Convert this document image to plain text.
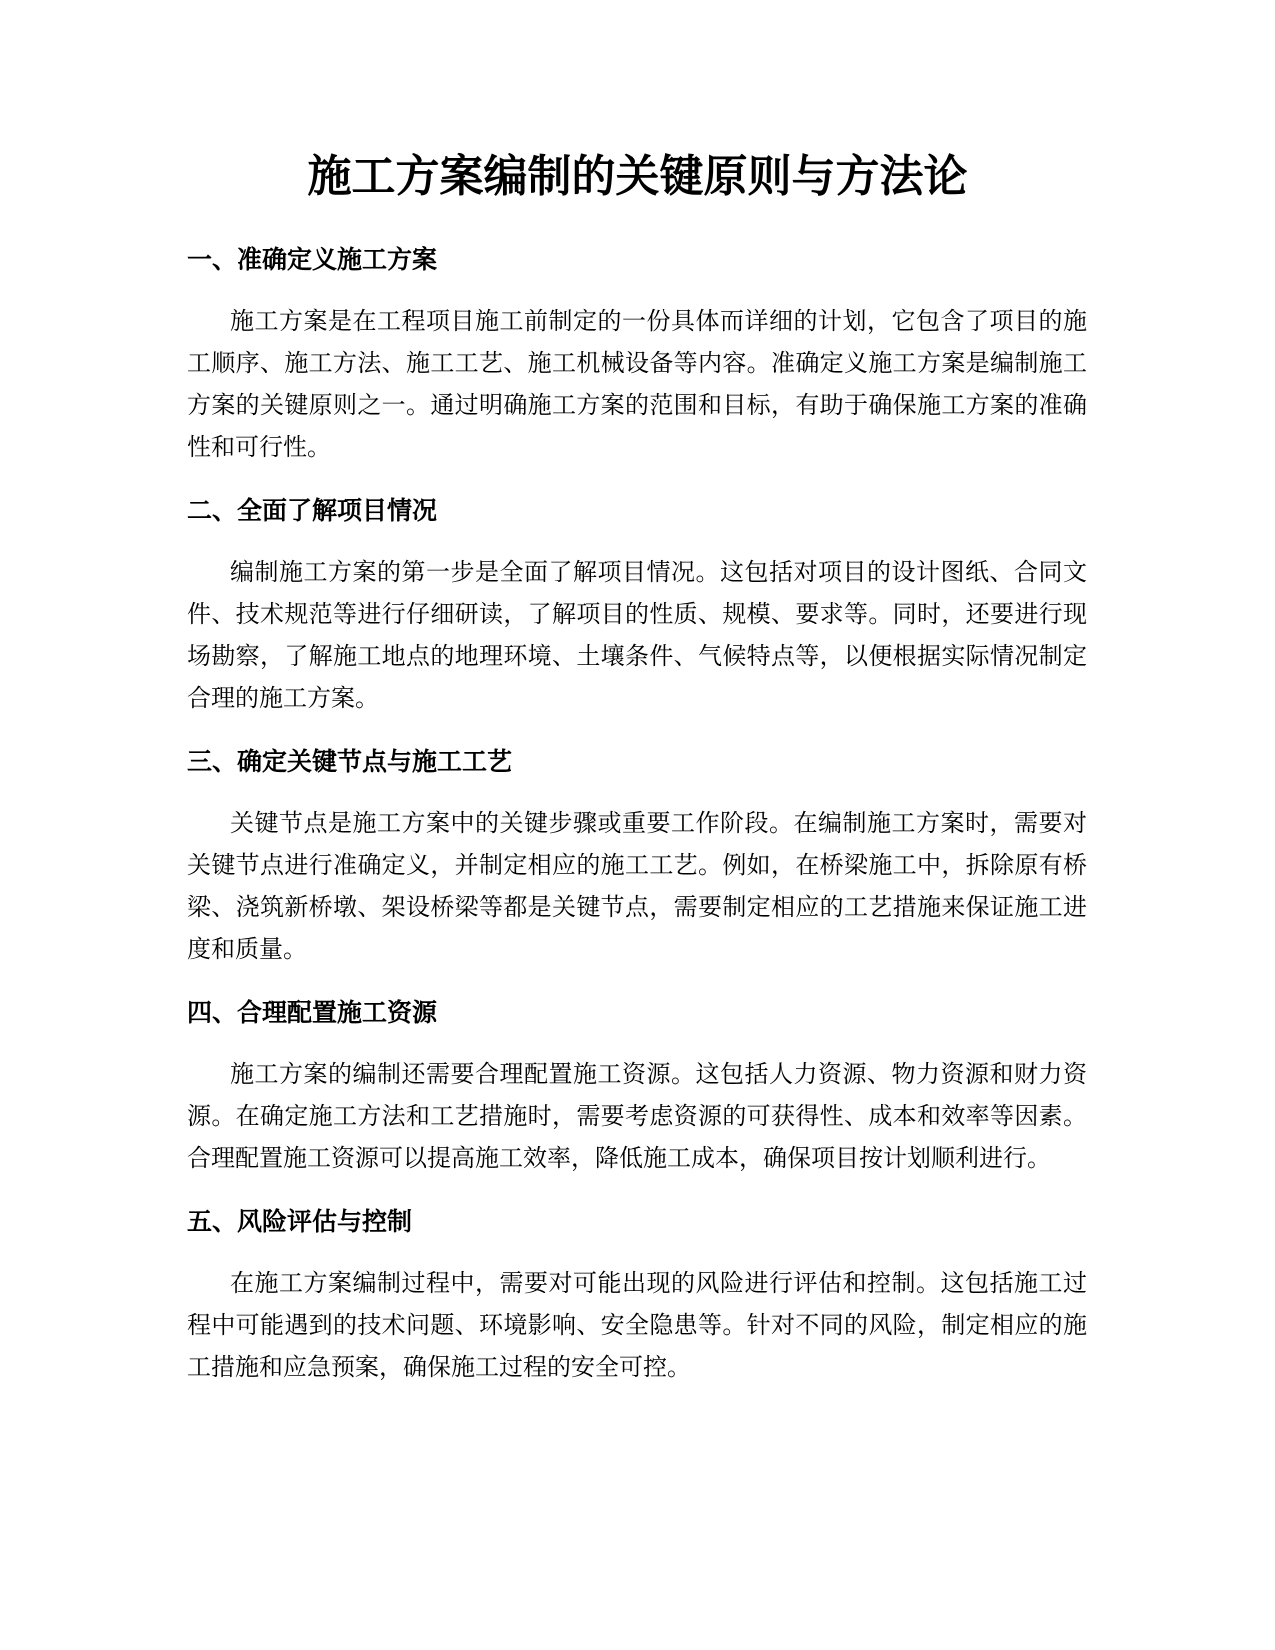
施工方案编制的关键原则与方法论
一、准确定义施工方案

施工方案是在工程项目施工前制定的一份具体而详细的计划，它包含了项目的施工顺序、施工方法、施工工艺、施工机械设备等内容。准确定义施工方案是编制施工方案的关键原则之一。通过明确施工方案的范围和目标，有助于确保施工方案的准确性和可行性。

二、全面了解项目情况

编制施工方案的第一步是全面了解项目情况。这包括对项目的设计图纸、合同文件、技术规范等进行仔细研读，了解项目的性质、规模、要求等。同时，还要进行现场勘察，了解施工地点的地理环境、土壤条件、气候特点等，以便根据实际情况制定合理的施工方案。

三、确定关键节点与施工工艺

关键节点是施工方案中的关键步骤或重要工作阶段。在编制施工方案时，需要对关键节点进行准确定义，并制定相应的施工工艺。例如，在桥梁施工中，拆除原有桥梁、浇筑新桥墩、架设桥梁等都是关键节点，需要制定相应的工艺措施来保证施工进度和质量。

四、合理配置施工资源

施工方案的编制还需要合理配置施工资源。这包括人力资源、物力资源和财力资源。在确定施工方法和工艺措施时，需要考虑资源的可获得性、成本和效率等因素。合理配置施工资源可以提高施工效率，降低施工成本，确保项目按计划顺利进行。

五、风险评估与控制

在施工方案编制过程中，需要对可能出现的风险进行评估和控制。这包括施工过程中可能遇到的技术问题、环境影响、安全隐患等。针对不同的风险，制定相应的施工措施和应急预案，确保施工过程的安全可控。
